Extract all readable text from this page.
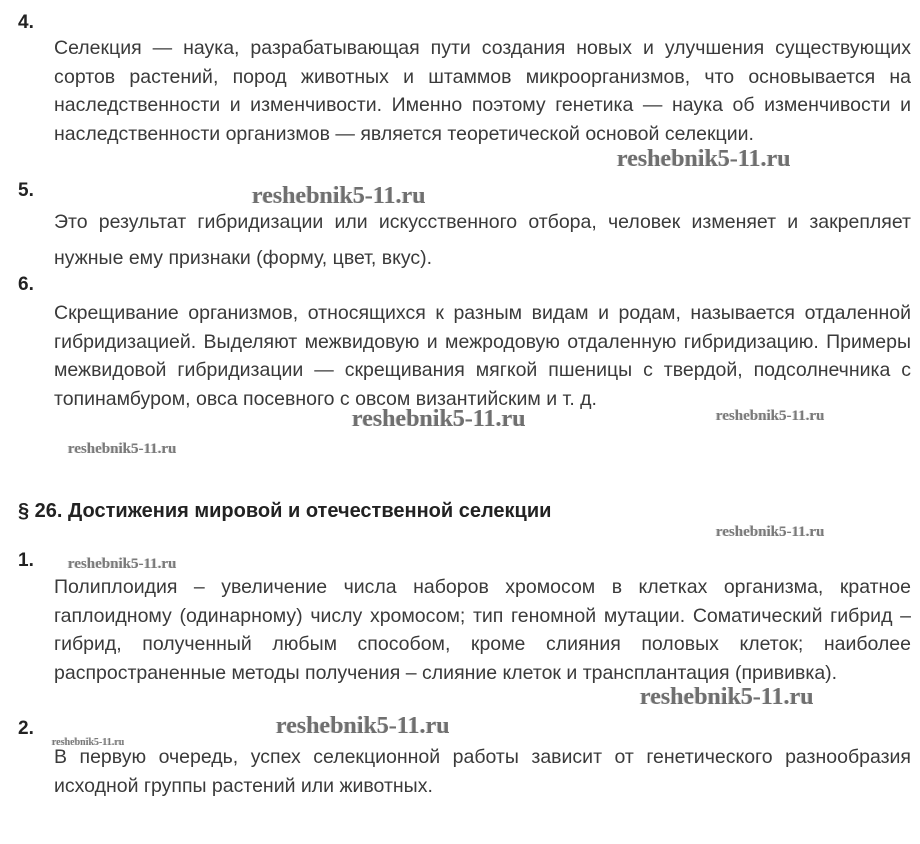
4.
Селекция — наука, разрабатывающая пути создания новых и улучшения существующих сортов растений, пород животных и штаммов микроорганизмов, что основывается на наследственности и изменчивости. Именно поэтому генетика — наука об изменчивости и наследственности организмов — является теоретической основой селекции.
5.
Это результат гибридизации или искусственного отбора, человек изменяет и закрепляет нужные ему признаки (форму, цвет, вкус).
6.
Скрещивание организмов, относящихся к разным видам и родам, называется отдаленной гибридизацией. Выделяют межвидовую и межродовую отдаленную гибридизацию. Примеры межвидовой гибридизации — скрещивания мягкой пшеницы с твердой, подсолнечника с топинамбуром, овса посевного с овсом византийским и т. д.
§ 26. Достижения мировой и отечественной селекции
1.
Полиплоидия – увеличение числа наборов хромосом в клетках организма, кратное гаплоидному (одинарному) числу хромосом; тип геномной мутации. Соматический гибрид – гибрид, полученный любым способом, кроме слияния половых клеток; наиболее распространенные методы получения – слияние клеток и трансплантация (прививка).
2.
В первую очередь, успех селекционной работы зависит от генетического разнообразия исходной группы растений или животных.
reshebnik5-11.ru
reshebnik5-11.ru
reshebnik5-11.ru	reshebnik5-11.ru
reshebnik5-11.ru
reshebnik5-11.ru
reshebnik5-11.ru
reshebnik5-11.ru
reshebnik5-11.ru
reshebnik5-11.ru
